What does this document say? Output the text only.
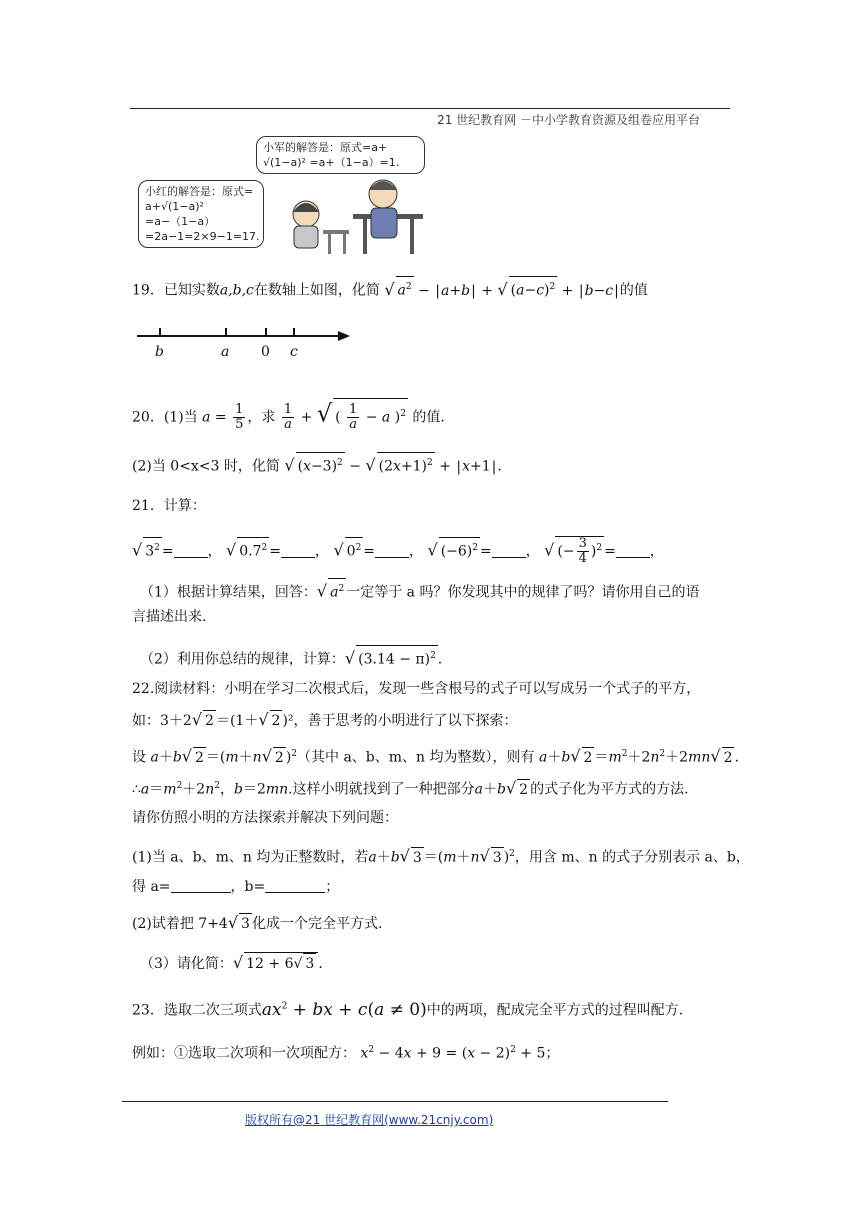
21 世纪教育网 －中小学教育资源及组卷应用平台
小军的解答是：原式=a+
√(1−a)² =a+（1−a）=1.
小红的解答是：原式=
a+√(1−a)² =a−（1−a）
=2a−1=2×9−1=17.
19．已知实数a,b,c在数轴上如图，化简 √ $a^2 - |a+b|$ + √ $(a-c)^2 + |b-c|$的值
b	a 0 c
20．(1)当 $a = \frac{1}{5}$ ，求 $\frac{1}{a}$ + √ ( $\frac{1}{a} - a$ )$^2$ 的值．
(2)当 0<x<3 时，化简 √ $(x-3)^2$ − √ $(2x+1)^2 + |x+1|$.
21．计算：
√ $3^2$ = ， √ $0.7^2$ = ， √ $0^2$ = ， √ $(-6)^2$ = ， √ (− $\frac{3}{4} )^2$ = ，
（1）根据计算结果，回答：√ $a^2$ 一定等于 a 吗？你发现其中的规律了吗？请你用自己的语
言描述出来.
（2）利用你总结的规律，计算：√ $(3.14 - \pi)^2$ .
22.阅读材料：小明在学习二次根式后，发现一些含根号的式子可以写成另一个式子的平方，
如：3＋2√ 2 ＝(1＋√ 2 )²，善于思考的小明进行了以下探索：
设 a＋b√ 2 ＝(m＋n√ 2 )$^2$（其中 a、b、m、n 均为整数），则有 a＋b√ $2 =m^2+2n^2+2mn√$ 2 .
$\therefore a=m^2+2n^2$，b＝2mn.这样小明就找到了一种把部分a＋b√ 2 的式子化为平方式的方法.
请你仿照小明的方法探索并解决下列问题：
(1)当 a、b、m、n 均为正整数时，若a＋b√ 3 ＝(m＋n√ 3 )$^2$，用含 m、n 的式子分别表示 a、b，
得 a=	，b=	；
(2)试着把 7+4√ 3 化成一个完全平方式.
（3）请化简：√ 12 + 6√ 3 .
23．选取二次三项式$ax^2$ + bx + c(a ≠ 0)中的两项，配成完全平方式的过程叫配方．
例如：①选取二次项和一次项配方： $x^2 - 4x + 9 = (x - 2)^2 + 5$；
版权所有@21 世纪教育网(www.21cnjy.com)
